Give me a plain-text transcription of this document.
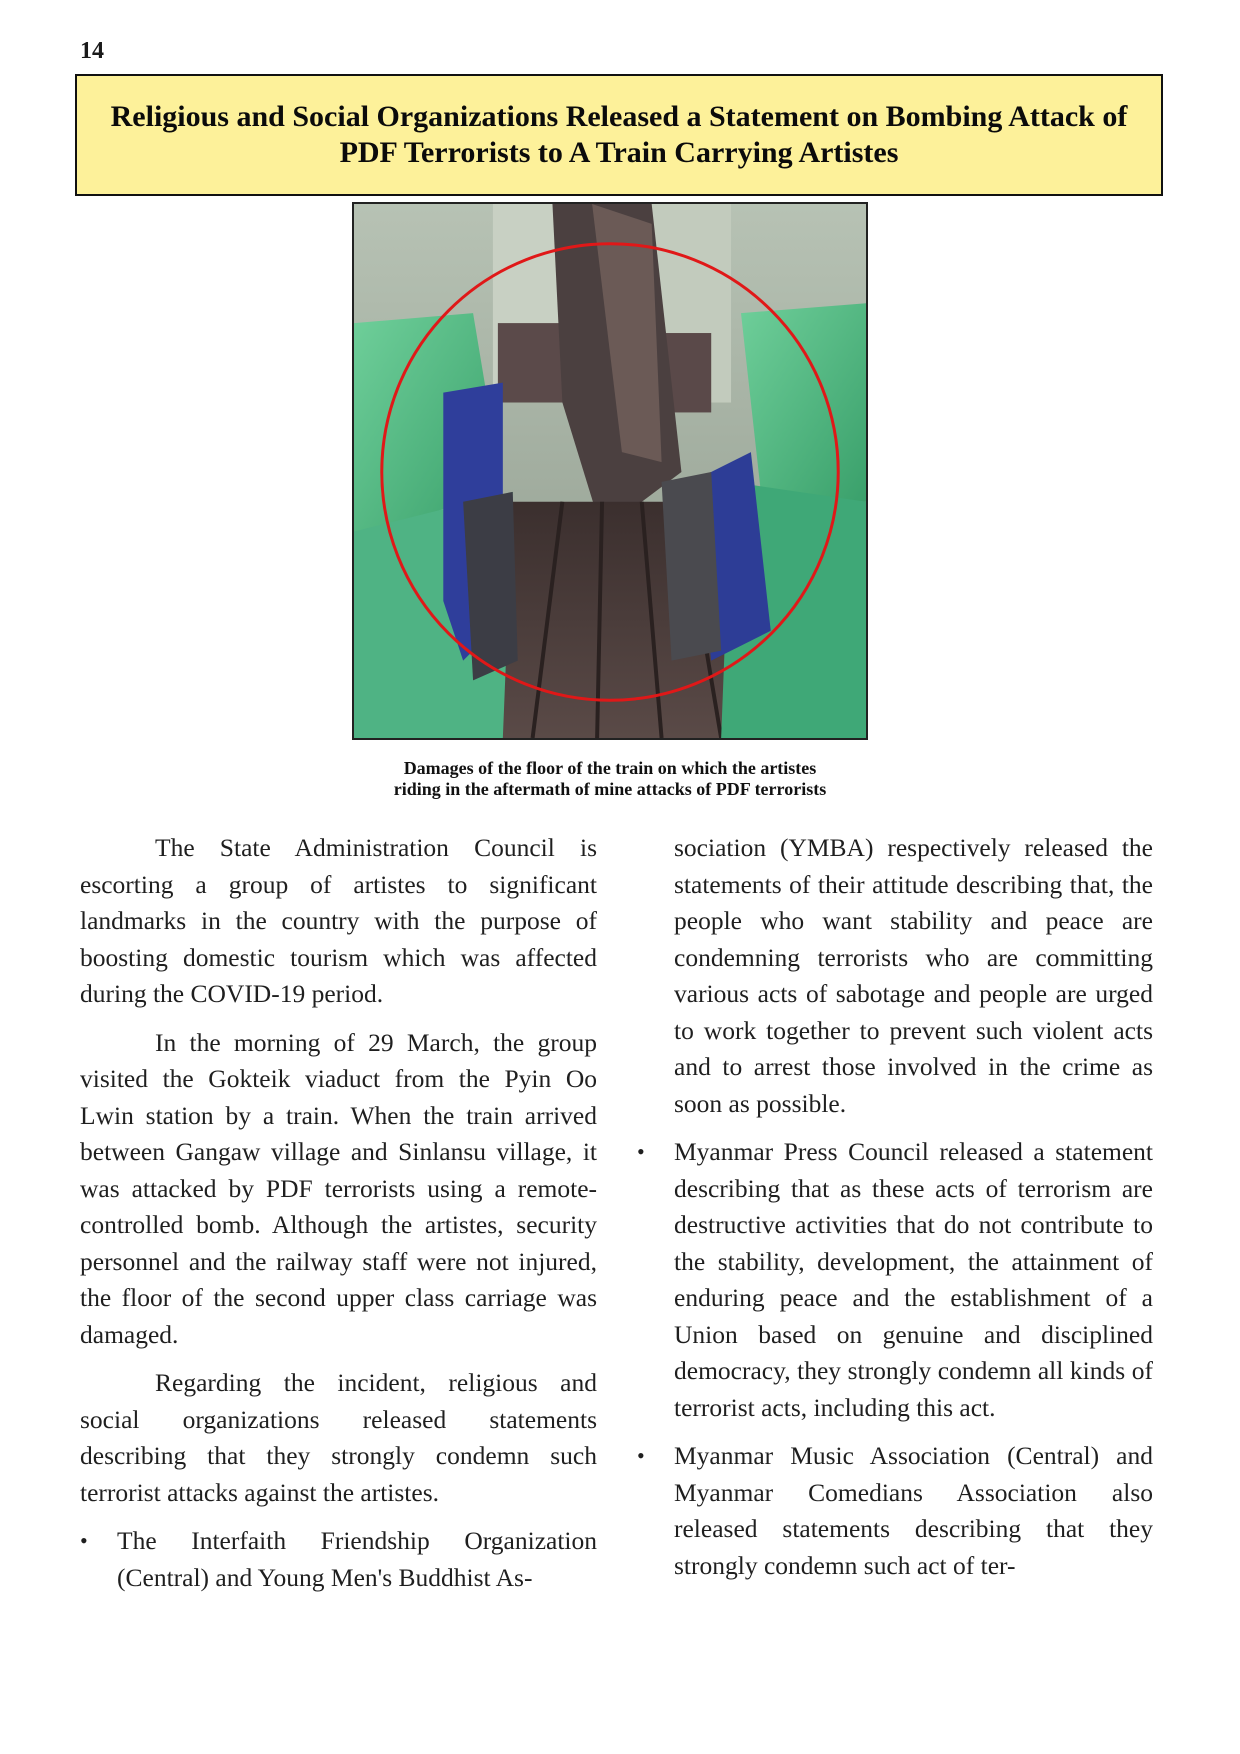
14
Religious and Social Organizations Released a Statement on Bombing Attack of PDF Terrorists to A Train Carrying Artistes
Damages of the floor of the train on which the artistes
riding in the aftermath of mine attacks of PDF terrorists

The State Administration Council is escorting a group of artistes to significant landmarks in the country with the purpose of boosting domestic tourism which was affected during the COVID-19 period.

In the morning of 29 March, the group visited the Gokteik viaduct from the Pyin Oo Lwin station by a train. When the train arrived between Gangaw village and Sinlansu village, it was attacked by PDF terrorists using a remote-controlled bomb. Although the artistes, security personnel and the railway staff were not injured, the floor of the second upper class carriage was damaged.

Regarding the incident, religious and social organizations released statements describing that they strongly condemn such terrorist attacks against the artistes.

• The Interfaith Friendship Organization (Central) and Young Men's Buddhist As-

sociation (YMBA) respectively released the statements of their attitude describing that, the people who want stability and peace are condemning terrorists who are committing various acts of sabotage and people are urged to work together to prevent such violent acts and to arrest those involved in the crime as soon as possible.

• Myanmar Press Council released a statement describing that as these acts of terrorism are destructive activities that do not contribute to the stability, development, the attainment of enduring peace and the establishment of a Union based on genuine and disciplined democracy, they strongly condemn all kinds of terrorist acts, including this act.
• Myanmar Music Association (Central) and Myanmar Comedians Association also released statements describing that they strongly condemn such act of ter-
